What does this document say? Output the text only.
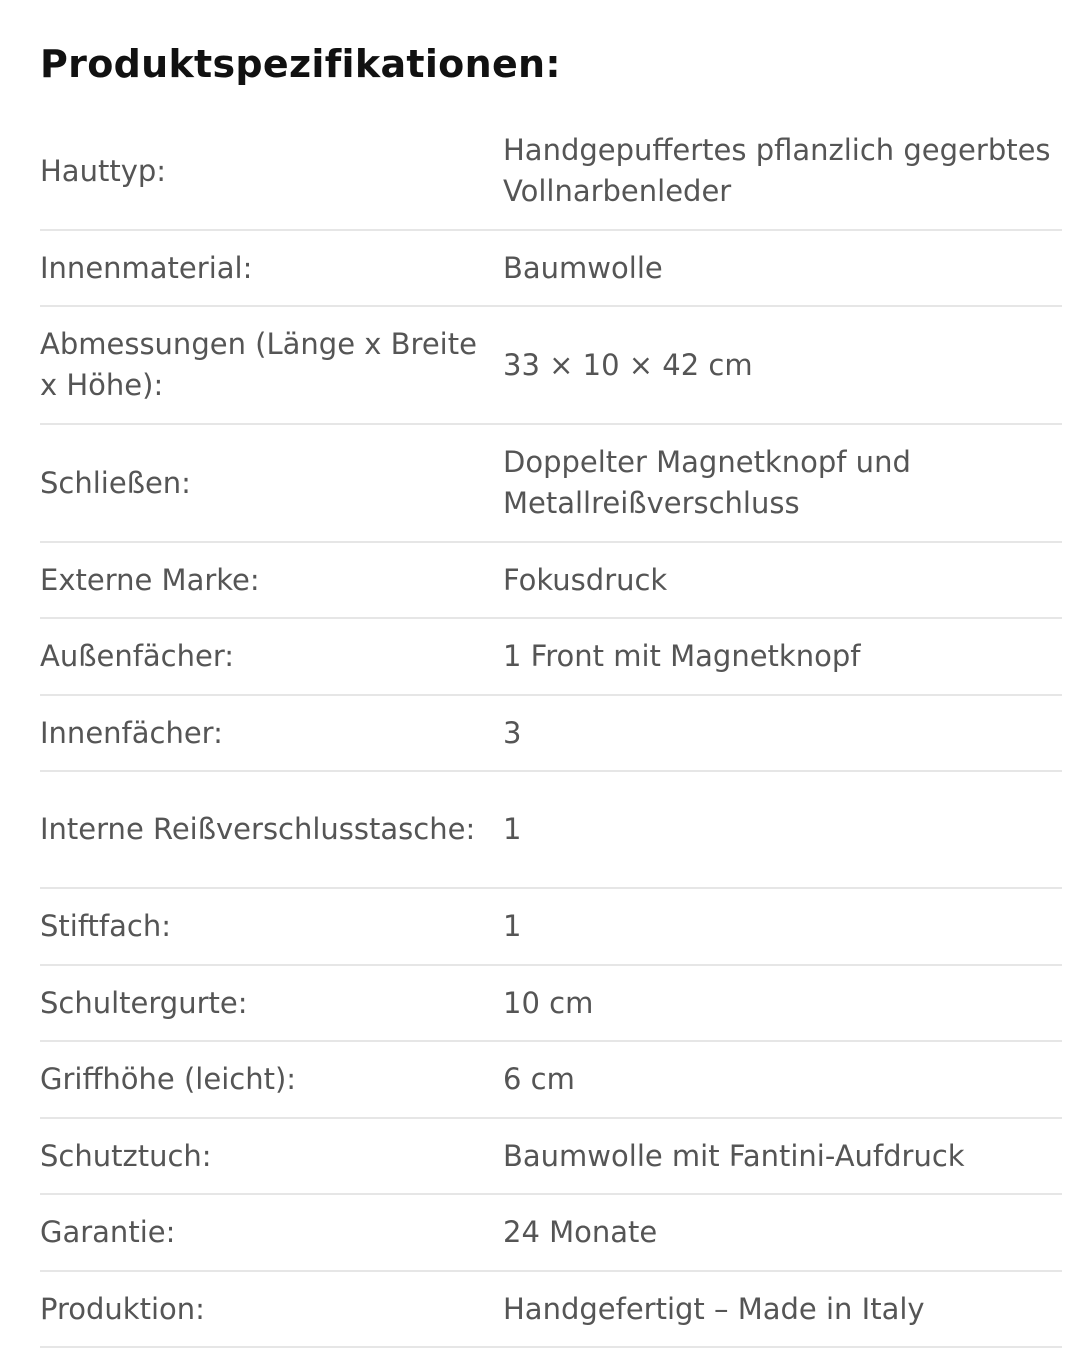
Produktspezifikationen:
Hauttyp:	Handgepuffertes pflanzlich gegerbtes Vollnarbenleder
Innenmaterial:	Baumwolle
Abmessungen (Länge x Breite x Höhe):	33 × 10 × 42 cm
Schließen:	Doppelter Magnetknopf und Metallreißverschluss
Externe Marke:	Fokusdruck
Außenfächer:	1 Front mit Magnetknopf
Innenfächer:	3
Interne Reißverschlusstasche:	1
Stiftfach:	1
Schultergurte:	10 cm
Griffhöhe (leicht):	6 cm
Schutztuch:	Baumwolle mit Fantini-Aufdruck
Garantie:	24 Monate
Produktion:	Handgefertigt – Made in Italy
